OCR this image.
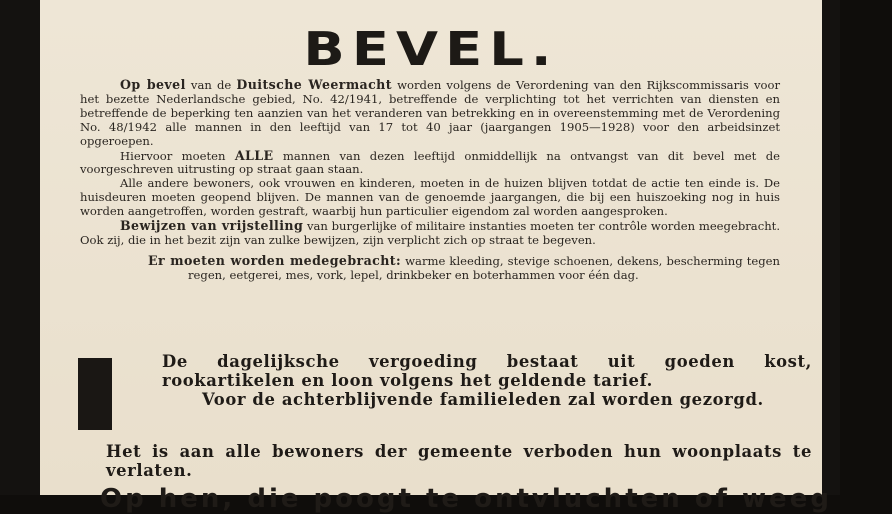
BEVEL.

Op bevel van de Duitsche Weermacht worden volgens de Verordening van den Rijkscommissaris voor het bezette Nederlandsche gebied, No. 42/1941, betreffende de verplichting tot het verrichten van diensten en betreffende de beperking ten aanzien van het veranderen van betrekking en in overeenstemming met de Verordening No. 48/1942 alle mannen in den leeftijd van 17 tot 40 jaar (jaargangen 1905—1928) voor den arbeidsinzet opgeroepen.

Hiervoor moeten ALLE mannen van dezen leeftijd onmiddellijk na ontvangst van dit bevel met de voorgeschreven uitrusting op straat gaan staan.

Alle andere bewoners, ook vrouwen en kinderen, moeten in de huizen blijven totdat de actie ten einde is. De huisdeuren moeten geopend blijven. De mannen van de genoemde jaargangen, die bij een huiszoeking nog in huis worden aangetroffen, worden gestraft, waarbij hun particulier eigendom zal worden aangesproken.

Bewijzen van vrijstelling van burgerlijke of militaire instanties moeten ter contrôle worden meegebracht. Ook zij, die in het bezit zijn van zulke bewijzen, zijn verplicht zich op straat te begeven.

Er moeten worden medegebracht: warme kleeding, stevige schoenen, dekens, bescherming tegen regen, eetgerei, mes, vork, lepel, drinkbeker en boterhammen voor één dag.

De dagelijksche vergoeding bestaat uit goeden kost, rookartikelen en loon volgens het geldende tarief.
Voor de achterblijvende familieleden zal worden gezorgd.
Het is aan alle bewoners der gemeente verboden hun woonplaats te verlaten.
Op hen, die poogt te ontvluchten of weeg
